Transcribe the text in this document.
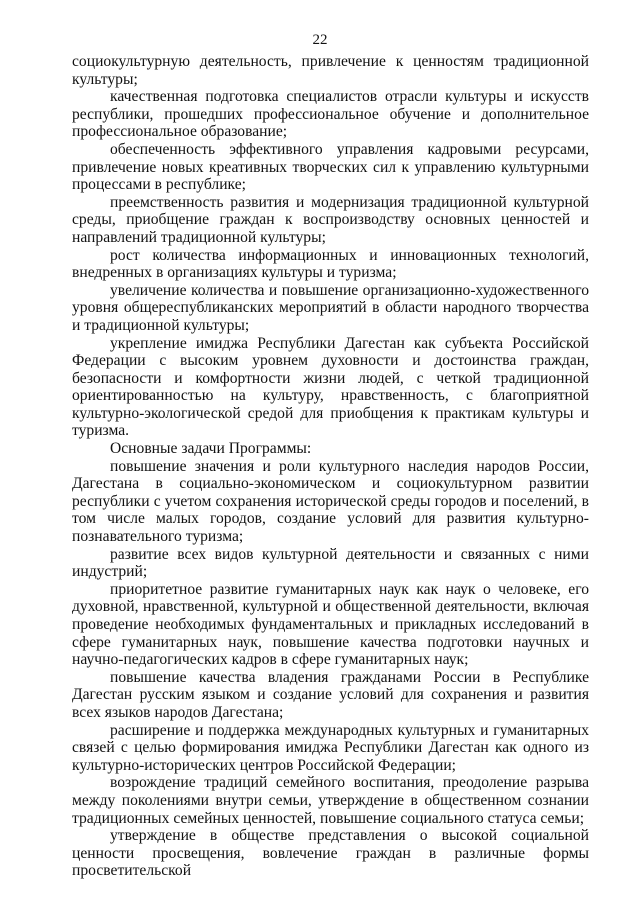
22

социокультурную деятельность, привлечение к ценностям традиционной культуры;

качественная подготовка специалистов отрасли культуры и искусств республики, прошедших профессиональное обучение и дополнительное профессиональное образование;

обеспеченность эффективного управления кадровыми ресурсами, привлечение новых креативных творческих сил к управлению культурными процессами в республике;

преемственность развития и модернизация традиционной культурной среды, приобщение граждан к воспроизводству основных ценностей и направлений традиционной культуры;

рост количества информационных и инновационных технологий, внедренных в организациях культуры и туризма;

увеличение количества и повышение организационно-художественного уровня общереспубликанских мероприятий в области народного творчества и традиционной культуры;

укрепление имиджа Республики Дагестан как субъекта Российской Федерации с высоким уровнем духовности и достоинства граждан, безопасности и комфортности жизни людей, с четкой традиционной ориентированностью на культуру, нравственность, с благоприятной культурно-экологической средой для приобщения к практикам культуры и туризма.

Основные задачи Программы:

повышение значения и роли культурного наследия народов России, Дагестана в социально-экономическом и социокультурном развитии республики с учетом сохранения исторической среды городов и поселений, в том числе малых городов, создание условий для развития культурно-познавательного туризма;

развитие всех видов культурной деятельности и связанных с ними индустрий;

приоритетное развитие гуманитарных наук как наук о человеке, его духовной, нравственной, культурной и общественной деятельности, включая проведение необходимых фундаментальных и прикладных исследований в сфере гуманитарных наук, повышение качества подготовки научных и научно-педагогических кадров в сфере гуманитарных наук;

повышение качества владения гражданами России в Республике Дагестан русским языком и создание условий для сохранения и развития всех языков народов Дагестана;

расширение и поддержка международных культурных и гуманитарных связей с целью формирования имиджа Республики Дагестан как одного из культурно-исторических центров Российской Федерации;

возрождение традиций семейного воспитания, преодоление разрыва между поколениями внутри семьи, утверждение в общественном сознании традиционных семейных ценностей, повышение социального статуса семьи;

утверждение в обществе представления о высокой социальной ценности просвещения, вовлечение граждан в различные формы просветительской
